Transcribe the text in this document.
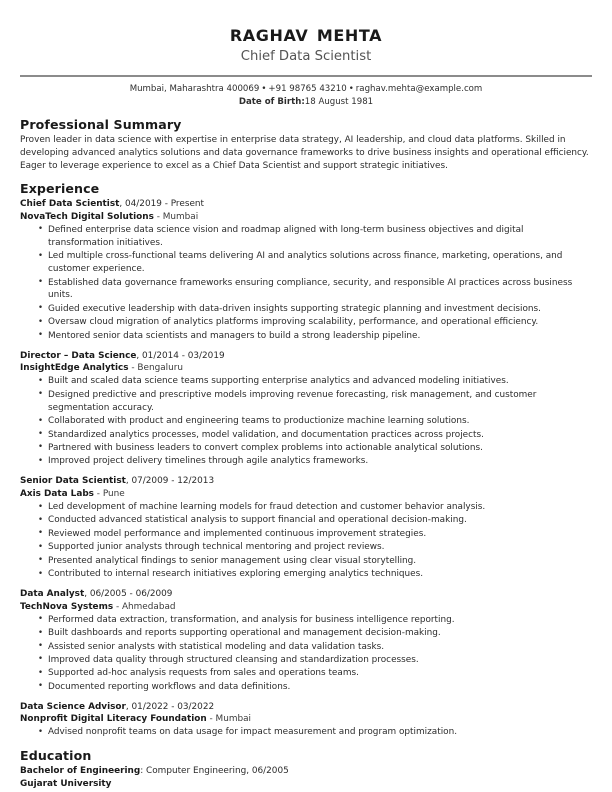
raghav mehta
Chief Data Scientist
Mumbai, Maharashtra 400069 • +91 98765 43210 • raghav.mehta@example.com
Date of Birth:18 August 1981
Professional Summary
Proven leader in data science with expertise in enterprise data strategy, AI leadership, and cloud data platforms. Skilled in developing advanced analytics solutions and data governance frameworks to drive business insights and operational efficiency. Eager to leverage experience to excel as a Chief Data Scientist and support strategic initiatives.
Experience
Chief Data Scientist, 04/2019 - Present
NovaTech Digital Solutions - Mumbai
• Defined enterprise data science vision and roadmap aligned with long-term business objectives and digital transformation initiatives.
• Led multiple cross-functional teams delivering AI and analytics solutions across finance, marketing, operations, and customer experience.
• Established data governance frameworks ensuring compliance, security, and responsible AI practices across business units.
• Guided executive leadership with data-driven insights supporting strategic planning and investment decisions.
• Oversaw cloud migration of analytics platforms improving scalability, performance, and operational efficiency.
• Mentored senior data scientists and managers to build a strong leadership pipeline.
Director – Data Science, 01/2014 - 03/2019
InsightEdge Analytics - Bengaluru
• Built and scaled data science teams supporting enterprise analytics and advanced modeling initiatives.
• Designed predictive and prescriptive models improving revenue forecasting, risk management, and customer segmentation accuracy.
• Collaborated with product and engineering teams to productionize machine learning solutions.
• Standardized analytics processes, model validation, and documentation practices across projects.
• Partnered with business leaders to convert complex problems into actionable analytical solutions.
• Improved project delivery timelines through agile analytics frameworks.
Senior Data Scientist, 07/2009 - 12/2013
Axis Data Labs - Pune
• Led development of machine learning models for fraud detection and customer behavior analysis.
• Conducted advanced statistical analysis to support financial and operational decision-making.
• Reviewed model performance and implemented continuous improvement strategies.
• Supported junior analysts through technical mentoring and project reviews.
• Presented analytical findings to senior management using clear visual storytelling.
• Contributed to internal research initiatives exploring emerging analytics techniques.
Data Analyst, 06/2005 - 06/2009
TechNova Systems - Ahmedabad
• Performed data extraction, transformation, and analysis for business intelligence reporting.
• Built dashboards and reports supporting operational and management decision-making.
• Assisted senior analysts with statistical modeling and data validation tasks.
• Improved data quality through structured cleansing and standardization processes.
• Supported ad-hoc analysis requests from sales and operations teams.
• Documented reporting workflows and data definitions.
Data Science Advisor, 01/2022 - 03/2022
Nonprofit Digital Literacy Foundation - Mumbai
• Advised nonprofit teams on data usage for impact measurement and program optimization.
Education
Bachelor of Engineering: Computer Engineering, 06/2005
Gujarat University
